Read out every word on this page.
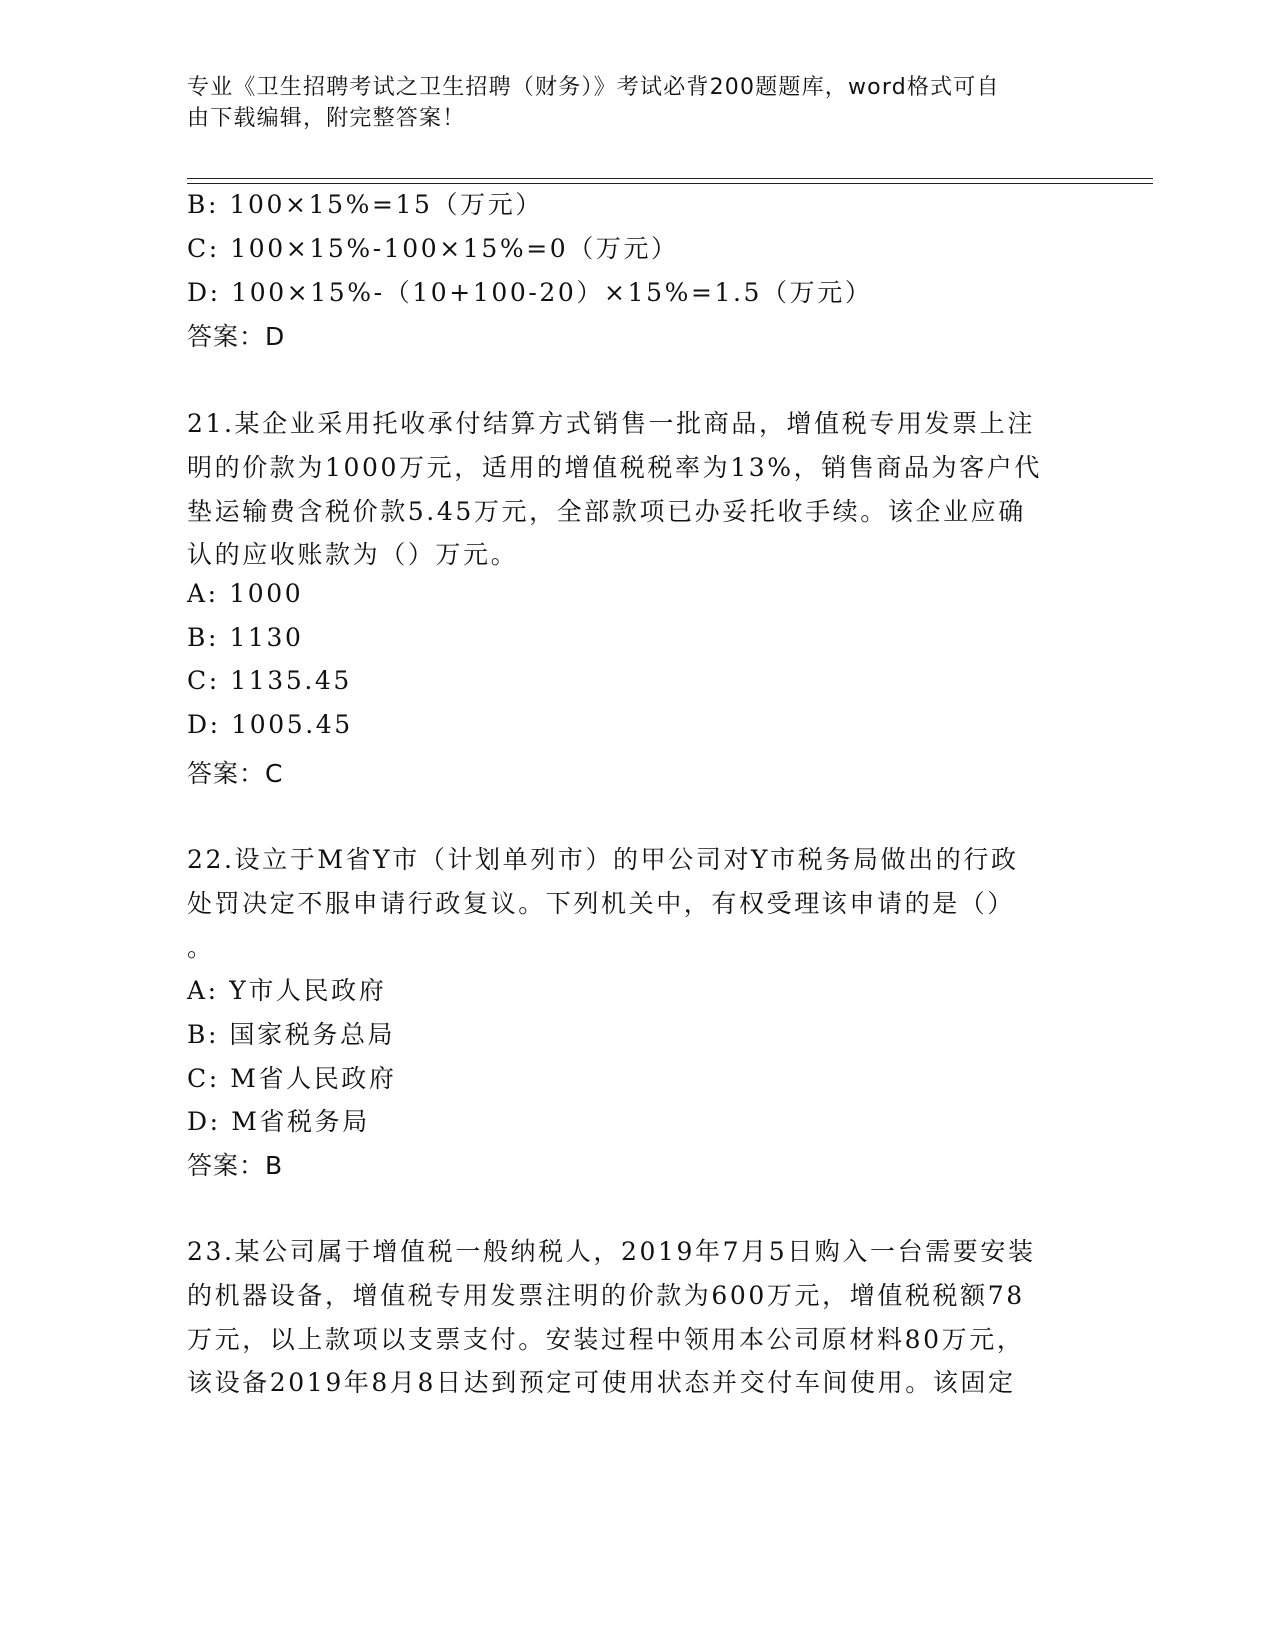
专业《卫生招聘考试之卫生招聘（财务）》考试必背200题题库，word格式可自
由下载编辑，附完整答案！
B: 100×15%=15（万元）
C: 100×15%-100×15%=0（万元）
D: 100×15%-（10+100-20）×15%=1.5（万元）
答案：D
21.某企业采用托收承付结算方式销售一批商品，增值税专用发票上注
明的价款为1000万元，适用的增值税税率为13%，销售商品为客户代
垫运输费含税价款5.45万元，全部款项已办妥托收手续。该企业应确
认的应收账款为（）万元。
A: 1000
B: 1130
C: 1135.45
D: 1005.45
答案：C
22.设立于M省Y市（计划单列市）的甲公司对Y市税务局做出的行政
处罚决定不服申请行政复议。下列机关中，有权受理该申请的是（）
。
A: Y市人民政府
B: 国家税务总局
C: M省人民政府
D: M省税务局
答案：B
23.某公司属于增值税一般纳税人，2019年7月5日购入一台需要安装
的机器设备，增值税专用发票注明的价款为600万元，增值税税额78
万元，以上款项以支票支付。安装过程中领用本公司原材料80万元，
该设备2019年8月8日达到预定可使用状态并交付车间使用。该固定
